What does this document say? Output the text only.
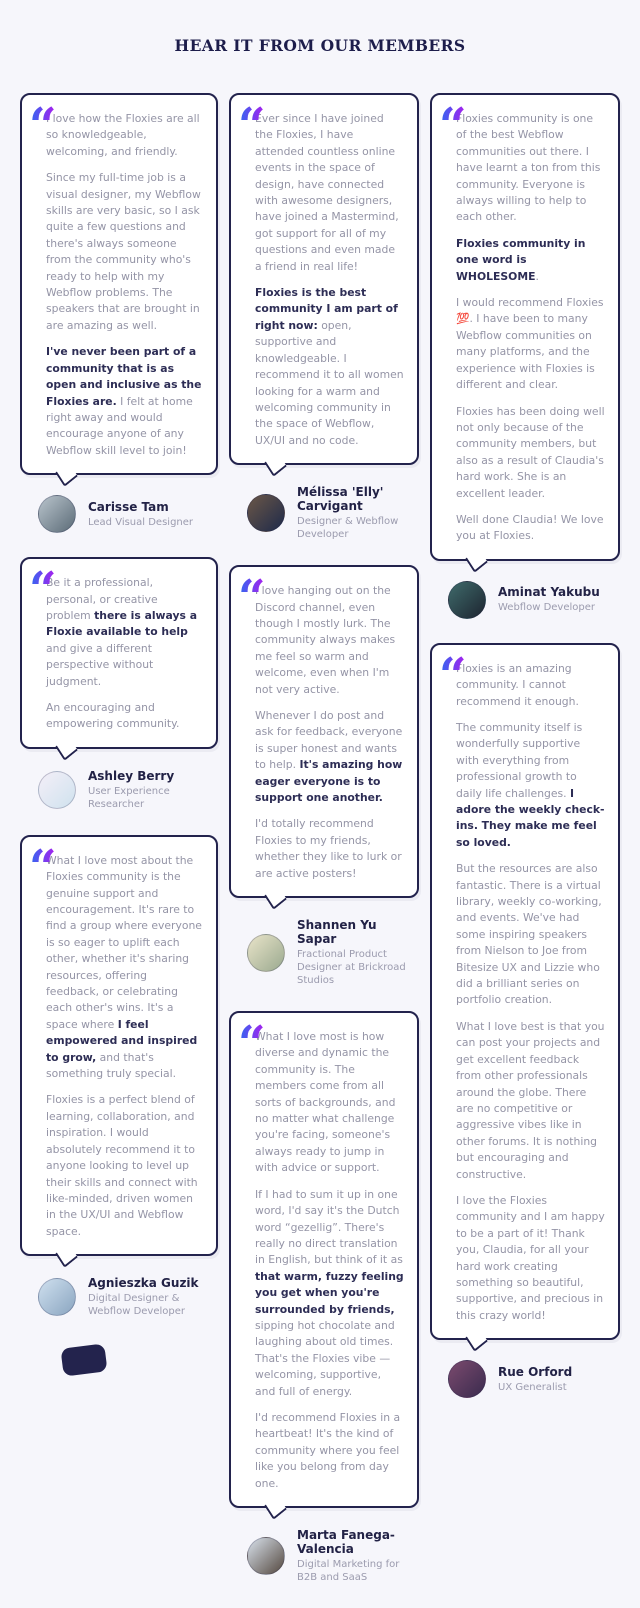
HEAR IT FROM OUR MEMBERS
“

I love how the Floxies are all so knowledgeable, welcoming, and friendly.

Since my full-time job is a visual designer, my Webflow skills are very basic, so I ask quite a few questions and there's always someone from the community who's ready to help with my Webflow problems. The speakers that are brought in are amazing as well.

I've never been part of a community that is as open and inclusive as the Floxies are. I felt at home right away and would encourage anyone of any Webflow skill level to join!

Carisse Tam
Lead Visual Designer
“

Be it a professional, personal, or creative problem there is always a Floxie available to help and give a different perspective without judgment.

An encouraging and empowering community.

Ashley Berry
User Experience Researcher
“

What I love most about the Floxies community is the genuine support and encouragement. It's rare to find a group where everyone is so eager to uplift each other, whether it's sharing resources, offering feedback, or celebrating each other's wins. It's a space where I feel empowered and inspired to grow, and that's something truly special.

Floxies is a perfect blend of learning, collaboration, and inspiration. I would absolutely recommend it to anyone looking to level up their skills and connect with like-minded, driven women in the UX/UI and Webflow space.

Agnieszka Guzik
Digital Designer & Webflow Developer
“

Ever since I have joined the Floxies, I have attended countless online events in the space of design, have connected with awesome designers, have joined a Mastermind, got support for all of my questions and even made a friend in real life!

Floxies is the best community I am part of right now: open, supportive and knowledgeable. I recommend it to all women looking for a warm and welcoming community in the space of Webflow, UX/UI and no code.

Mélissa 'Elly' Carvigant
Designer & Webflow Developer
“

I love hanging out on the Discord channel, even though I mostly lurk. The community always makes me feel so warm and welcome, even when I'm not very active.

Whenever I do post and ask for feedback, everyone is super honest and wants to help. It's amazing how eager everyone is to support one another.

I'd totally recommend Floxies to my friends, whether they like to lurk or are active posters!

Shannen Yu Sapar
Fractional Product Designer at Brickroad Studios
“

What I love most is how diverse and dynamic the community is. The members come from all sorts of backgrounds, and no matter what challenge you're facing, someone's always ready to jump in with advice or support.

If I had to sum it up in one word, I'd say it's the Dutch word “gezellig”. There's really no direct translation in English, but think of it as that warm, fuzzy feeling you get when you're surrounded by friends, sipping hot chocolate and laughing about old times. That's the Floxies vibe — welcoming, supportive, and full of energy.

I'd recommend Floxies in a heartbeat! It's the kind of community where you feel like you belong from day one.

Marta Fanega-Valencia
Digital Marketing for B2B and SaaS
“

Floxies community is one of the best Webflow communities out there. I have learnt a ton from this community. Everyone is always willing to help to each other.

Floxies community in one word is WHOLESOME.

I would recommend Floxies 💯. I have been to many Webflow communities on many platforms, and the experience with Floxies is different and clear.

Floxies has been doing well not only because of the community members, but also as a result of Claudia's hard work. She is an excellent leader.

Well done Claudia! We love you at Floxies.

Aminat Yakubu
Webflow Developer
“

Floxies is an amazing community. I cannot recommend it enough.

The community itself is wonderfully supportive with everything from professional growth to daily life challenges. I adore the weekly check-ins. They make me feel so loved.

But the resources are also fantastic. There is a virtual library, weekly co-working, and events. We've had some inspiring speakers from Nielson to Joe from Bitesize UX and Lizzie who did a brilliant series on portfolio creation.

What I love best is that you can post your projects and get excellent feedback from other professionals around the globe. There are no competitive or aggressive vibes like in other forums. It is nothing but encouraging and constructive.

I love the Floxies community and I am happy to be a part of it! Thank you, Claudia, for all your hard work creating something so beautiful, supportive, and precious in this crazy world!

Rue Orford
UX Generalist
